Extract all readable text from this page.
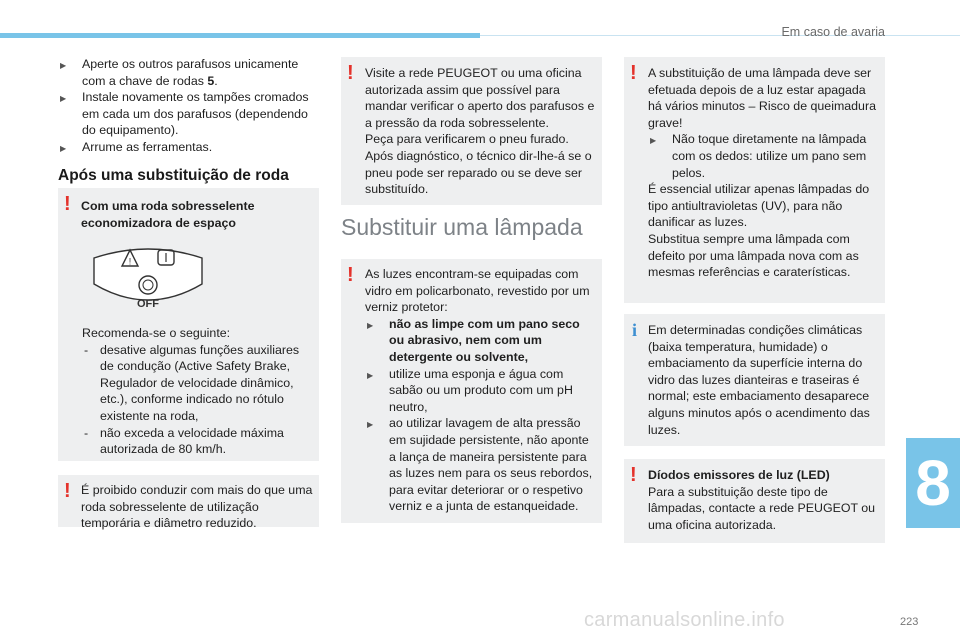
Em caso de avaria
8
223
carmanualsonline.info

▶ Aperte os outros parafusos unicamente com a chave de rodas 5.

▶ Instale novamente os tampões cromados em cada um dos parafusos (dependendo do equipamento).

▶ Arrume as ferramentas.

Após uma substituição de roda

! Com uma roda sobresselente economizadora de espaço

!
OFF

Recomenda-se o seguinte:

- desative algumas funções auxiliares de condução (Active Safety Brake, Regulador de velocidade dinâmico, etc.), conforme indicado no rótulo existente na roda,

- não exceda a velocidade máxima autorizada de 80 km/h.

! É proibido conduzir com mais do que uma roda sobresselente de utilização temporária e diâmetro reduzido.

! Visite a rede PEUGEOT ou uma oficina autorizada assim que possível para mandar verificar o aperto dos parafusos e a pressão da roda sobresselente.

Peça para verificarem o pneu furado. Após diagnóstico, o técnico dir-lhe-á se o pneu pode ser reparado ou se deve ser substituído.

Substituir uma lâmpada
! As luzes encontram-se equipadas com vidro em policarbonato, revestido por um verniz protetor:

▶ não as limpe com um pano seco ou abrasivo, nem com um detergente ou solvente,

▶ utilize uma esponja e água com sabão ou um produto com um pH neutro,

▶ ao utilizar lavagem de alta pressão em sujidade persistente, não aponte a lança de maneira persistente para as luzes nem para os seus rebordos, para evitar deterioraг or o respetivo verniz e a junta de estanqueidade.

! A substituição de uma lâmpada deve ser efetuada depois de a luz estar apagada há vários minutos – Risco de queimadura grave!

▶ Não toque diretamente na lâmpada com os dedos: utilize um pano sem pelos.

É essencial utilizar apenas lâmpadas do tipo antiultravioletas (UV), para não danificar as luzes.

Substitua sempre uma lâmpada com defeito por uma lâmpada nova com as mesmas referências e caraterísticas.

i Em determinadas condições climáticas (baixa temperatura, humidade) o embaciamento da superfície interna do vidro das luzes dianteiras e traseiras é normal; este embaciamento desaparece alguns minutos após o acendimento das luzes.

! Díodos emissores de luz (LED)

Para a substituição deste tipo de lâmpadas, contacte a rede PEUGEOT ou uma oficina autorizada.
